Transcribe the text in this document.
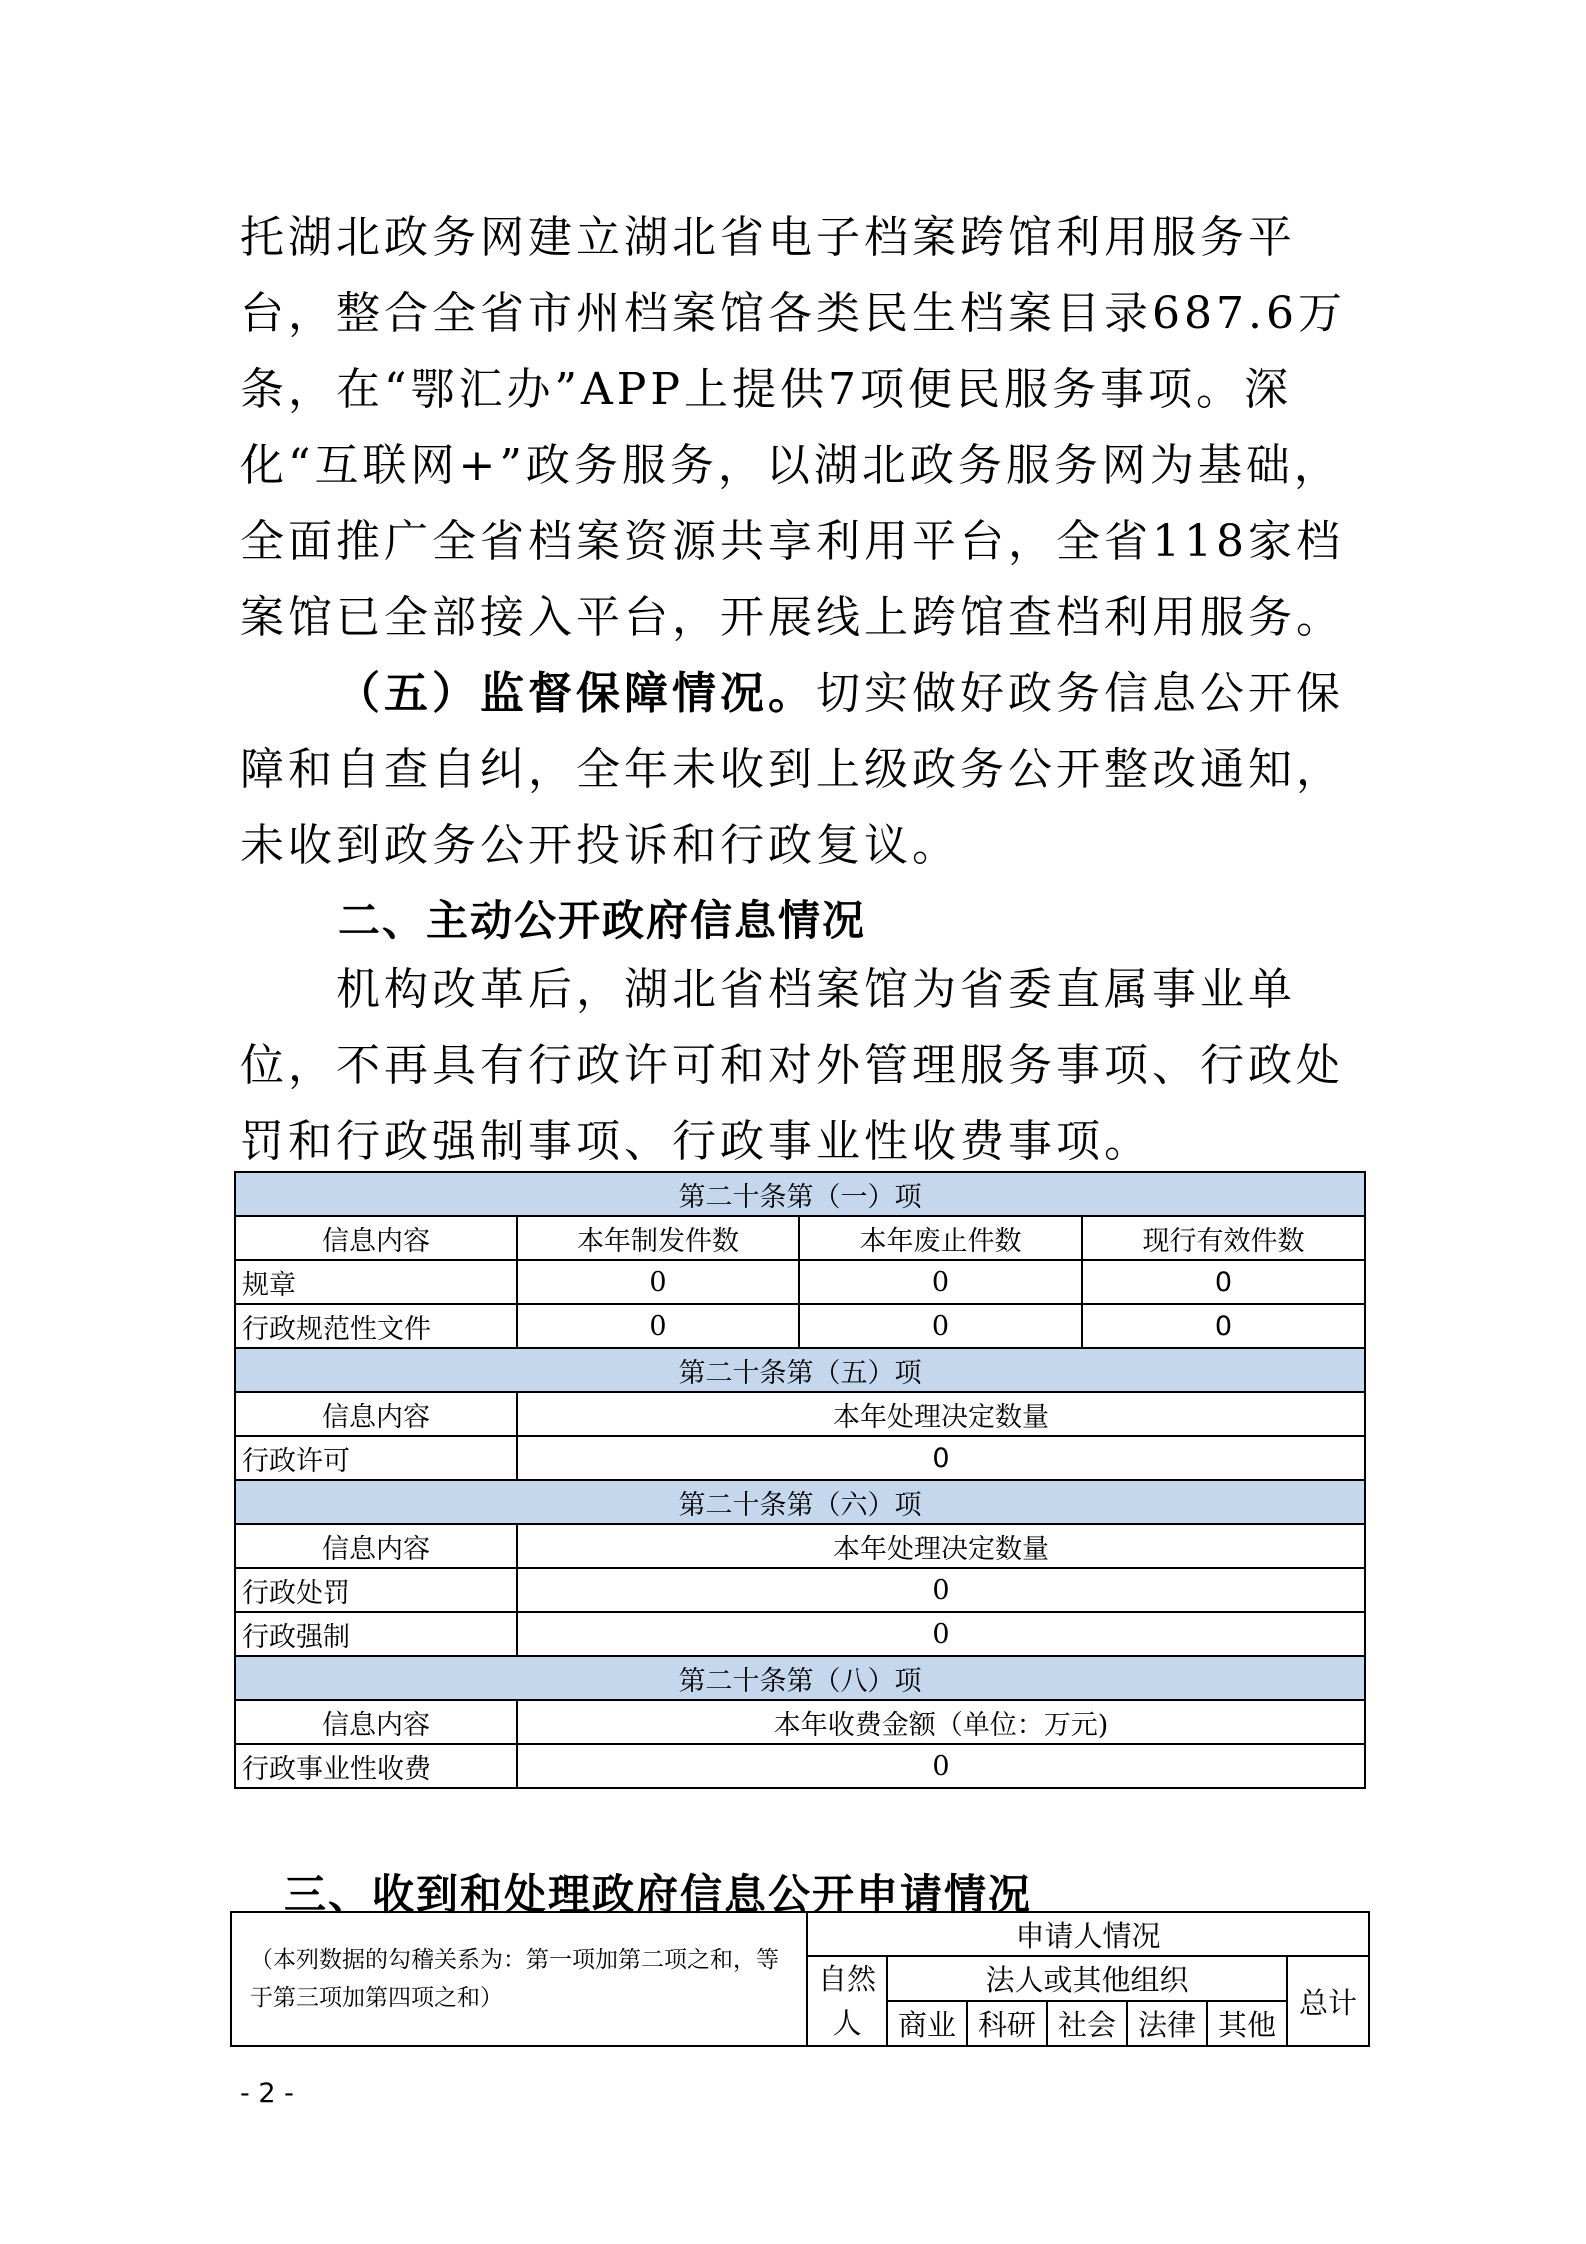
托湖北政务网建立湖北省电子档案跨馆利用服务平台，整合全省市州档案馆各类民生档案目录687.6万条，在“鄂汇办”APP上提供7项便民服务事项。深化“互联网+”政务服务，以湖北政务服务网为基础，全面推广全省档案资源共享利用平台，全省118家档案馆已全部接入平台，开展线上跨馆查档利用服务。

（五）监督保障情况。切实做好政务信息公开保障和自查自纠，全年未收到上级政务公开整改通知，未收到政务公开投诉和行政复议。

二、主动公开政府信息情况

机构改革后，湖北省档案馆为省委直属事业单位，不再具有行政许可和对外管理服务事项、行政处罚和行政强制事项、行政事业性收费事项。

第二十条第（一）项			
信息内容	本年制发件数	本年废止件数	现行有效件数
规章	0	0	0
行政规范性文件	0	0	0
第二十条第（五）项			
信息内容	本年处理决定数量		
行政许可	0		
第二十条第（六）项			
信息内容	本年处理决定数量		
行政处罚	0		
行政强制	0		
第二十条第（八）项			
信息内容	本年收费金额（单位：万元)		
行政事业性收费	0		
三、收到和处理政府信息公开申请情况
（本列数据的勾稽关系为：第一项加第二项之和，等于第三项加第四项之和）	申请人情况						
	自然人	法人或其他组织					总计
		商业	科研	社会	法律	其他	
- 2 -
